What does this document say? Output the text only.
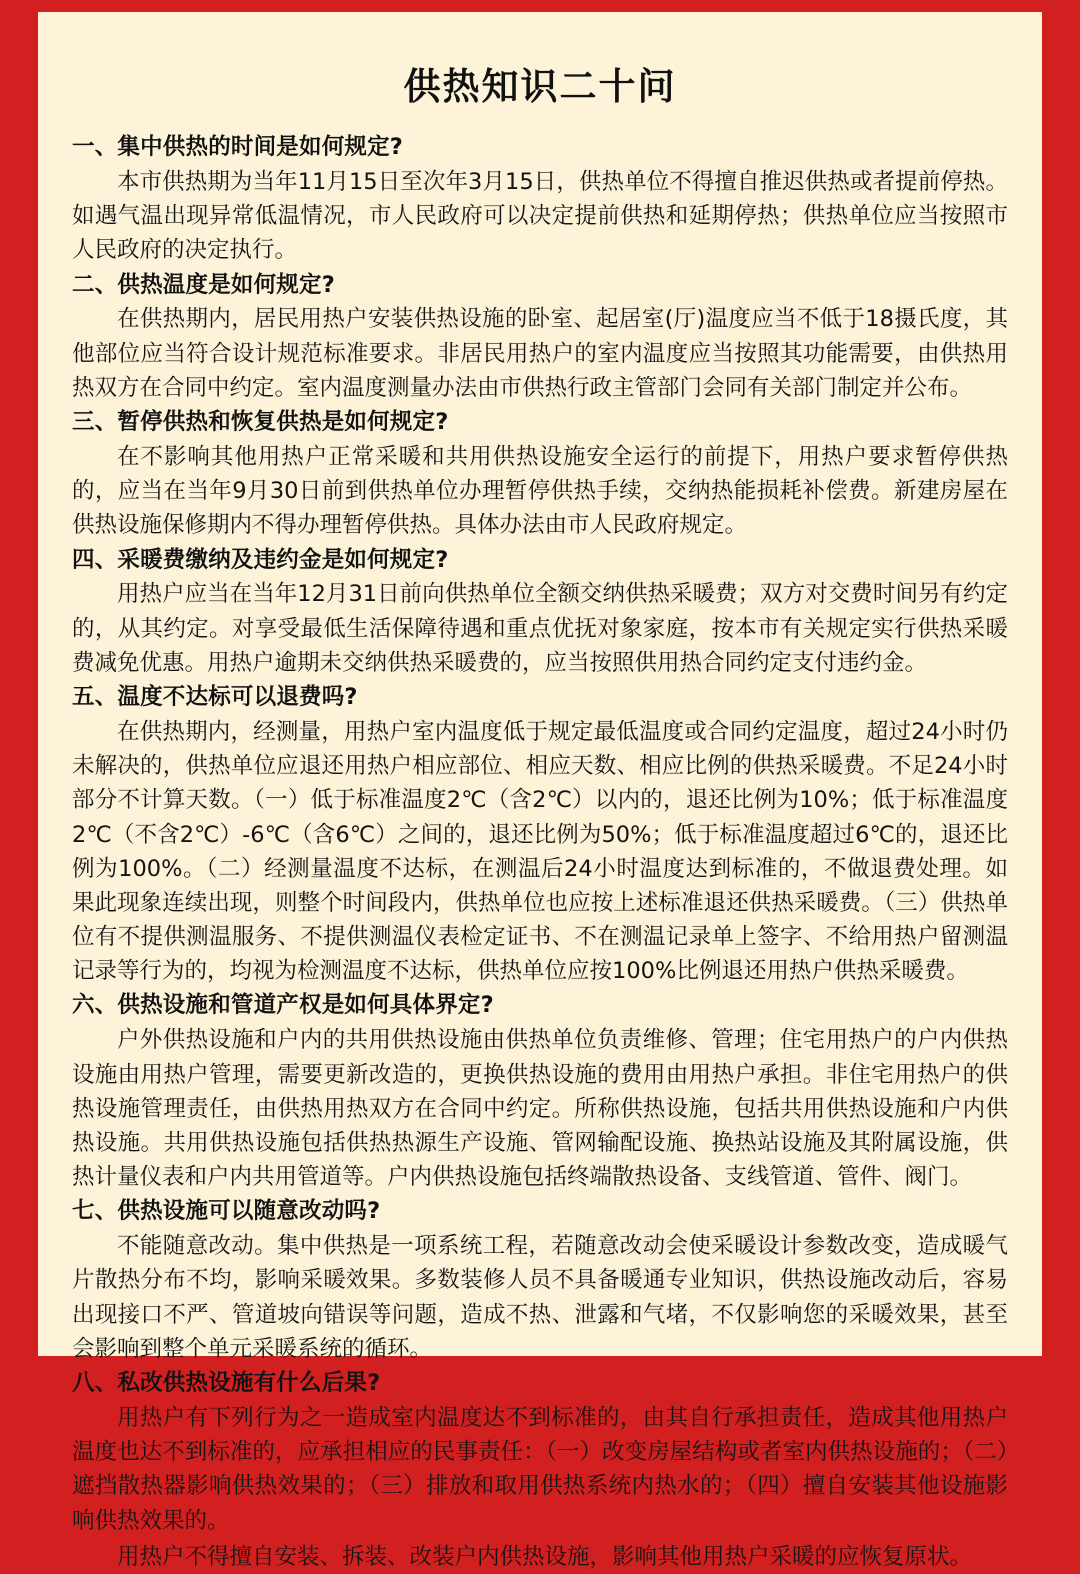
供热知识二十问
一、集中供热的时间是如何规定?
本市供热期为当年11月15日至次年3月15日，供热单位不得擅自推迟供热或者提前停热。如遇气温出现异常低温情况，市人民政府可以决定提前供热和延期停热；供热单位应当按照市人民政府的决定执行。
二、供热温度是如何规定?
在供热期内，居民用热户安装供热设施的卧室、起居室(厅)温度应当不低于18摄氏度，其他部位应当符合设计规范标准要求。非居民用热户的室内温度应当按照其功能需要，由供热用热双方在合同中约定。室内温度测量办法由市供热行政主管部门会同有关部门制定并公布。
三、暂停供热和恢复供热是如何规定?
在不影响其他用热户正常采暖和共用供热设施安全运行的前提下，用热户要求暂停供热的，应当在当年9月30日前到供热单位办理暂停供热手续，交纳热能损耗补偿费。新建房屋在供热设施保修期内不得办理暂停供热。具体办法由市人民政府规定。
四、采暖费缴纳及违约金是如何规定?
用热户应当在当年12月31日前向供热单位全额交纳供热采暖费；双方对交费时间另有约定的，从其约定。对享受最低生活保障待遇和重点优抚对象家庭，按本市有关规定实行供热采暖费减免优惠。用热户逾期未交纳供热采暖费的，应当按照供用热合同约定支付违约金。
五、温度不达标可以退费吗?
在供热期内，经测量，用热户室内温度低于规定最低温度或合同约定温度，超过24小时仍未解决的，供热单位应退还用热户相应部位、相应天数、相应比例的供热采暖费。不足24小时部分不计算天数。（一）低于标准温度2℃（含2℃）以内的，退还比例为10%；低于标准温度2℃（不含2℃）-6℃（含6℃）之间的，退还比例为50%；低于标准温度超过6℃的，退还比例为100%。（二）经测量温度不达标，在测温后24小时温度达到标准的，不做退费处理。如果此现象连续出现，则整个时间段内，供热单位也应按上述标准退还供热采暖费。（三）供热单位有不提供测温服务、不提供测温仪表检定证书、不在测温记录单上签字、不给用热户留测温记录等行为的，均视为检测温度不达标，供热单位应按100%比例退还用热户供热采暖费。
六、供热设施和管道产权是如何具体界定?
户外供热设施和户内的共用供热设施由供热单位负责维修、管理；住宅用热户的户内供热设施由用热户管理，需要更新改造的，更换供热设施的费用由用热户承担。非住宅用热户的供热设施管理责任，由供热用热双方在合同中约定。所称供热设施，包括共用供热设施和户内供热设施。共用供热设施包括供热热源生产设施、管网输配设施、换热站设施及其附属设施，供热计量仪表和户内共用管道等。户内供热设施包括终端散热设备、支线管道、管件、阀门。
七、供热设施可以随意改动吗?
不能随意改动。集中供热是一项系统工程，若随意改动会使采暖设计参数改变，造成暖气片散热分布不均，影响采暖效果。多数装修人员不具备暖通专业知识，供热设施改动后，容易出现接口不严、管道坡向错误等问题，造成不热、泄露和气堵，不仅影响您的采暖效果，甚至会影响到整个单元采暖系统的循环。
八、私改供热设施有什么后果?
用热户有下列行为之一造成室内温度达不到标准的，由其自行承担责任，造成其他用热户温度也达不到标准的，应承担相应的民事责任：（一）改变房屋结构或者室内供热设施的；（二）遮挡散热器影响供热效果的；（三）排放和取用供热系统内热水的；（四）擅自安装其他设施影响供热效果的。
用热户不得擅自安装、拆装、改装户内供热设施，影响其他用热户采暖的应恢复原状。
